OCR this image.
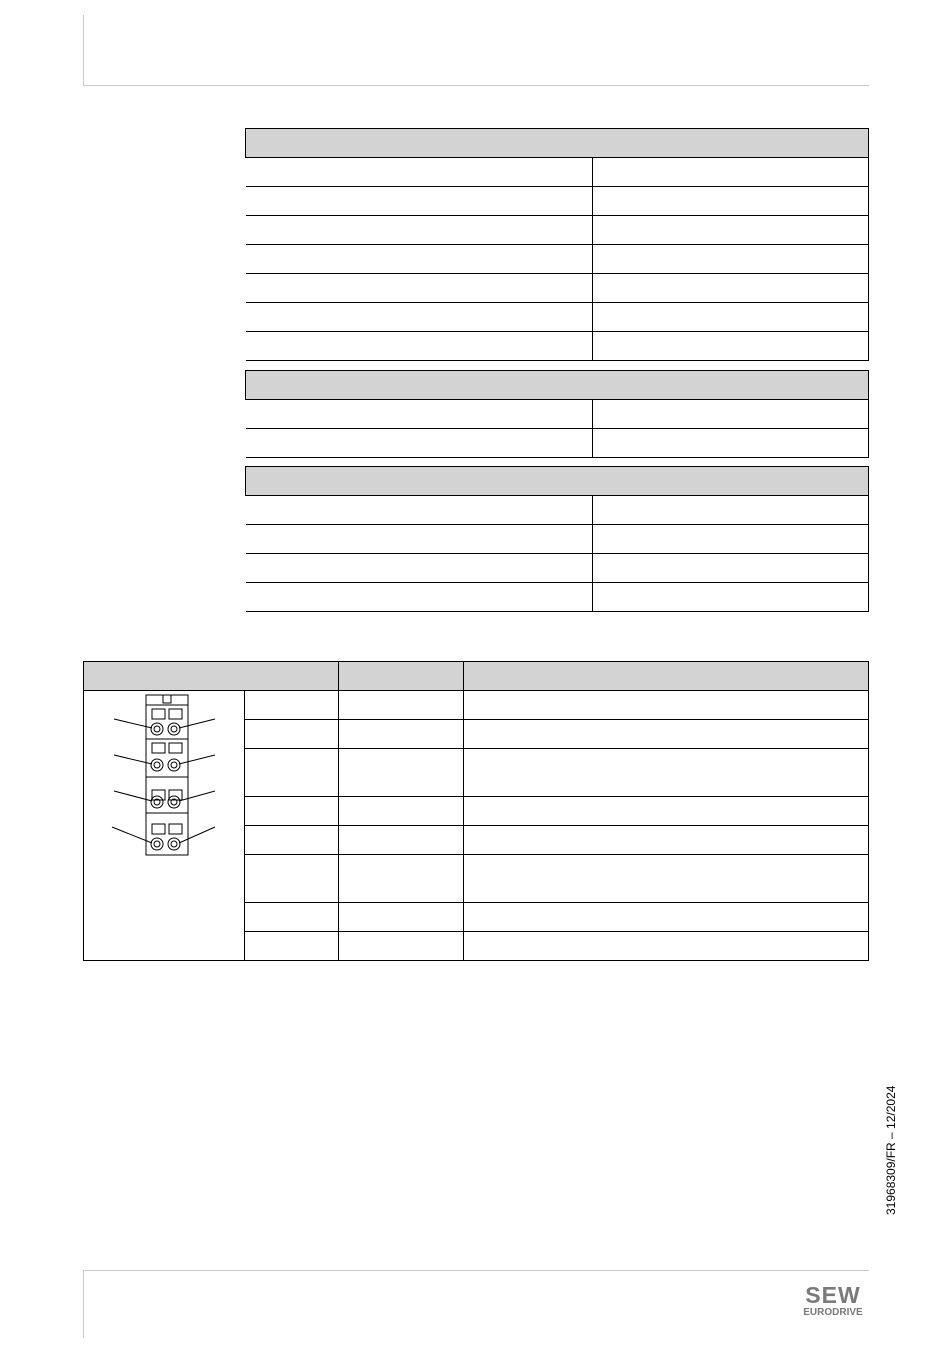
31968309/FR – 12/2024
SEW
EURODRIVE
